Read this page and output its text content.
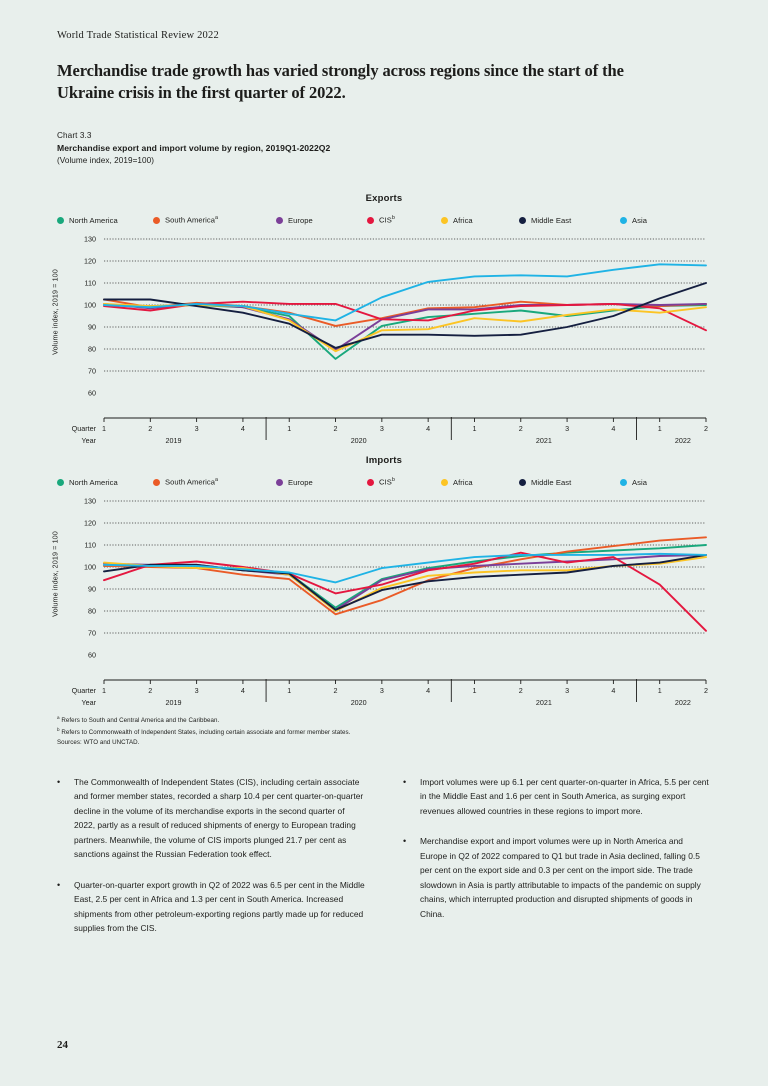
World Trade Statistical Review 2022
Merchandise trade growth has varied strongly across regions since the start of the Ukraine crisis in the first quarter of 2022.
Chart 3.3
Merchandise export and import volume by region, 2019Q1-2022Q2
(Volume index, 2019=100)
Exports
North America	South America$^a$	Europe	CIS$^b$	Africa	Middle East	Asia
Volume index, 2019 = 100
130
120
110
100
90
80
70
60
1	2	3	4	1	2	3	4	1	2	3	4	1	2
2019	2020	2021	2022
Quarter
Year
Imports
North America	South America$^a$	Europe	CIS$^b$	Africa	Middle East	Asia
Volume index, 2019 = 100
130
120
110
100
90
80
70
60
1	2	3	4	1	2	3	4	1	2	3	4	1	2
2019	2020	2021	2022
Quarter
Year
$^a$ Refers to South and Central America and the Caribbean.
$^b$ Refers to Commonwealth of Independent States, including certain associate and former member states.
Sources: WTO and UNCTAD.
•	The Commonwealth of Independent States (CIS), including certain associate and former member states, recorded a sharp 10.4 per cent quarter-on-quarter decline in the volume of its merchandise exports in the second quarter of 2022, partly as a result of reduced shipments of energy to European trading partners. Meanwhile, the volume of CIS imports plunged 21.7 per cent as sanctions against the Russian Federation took effect.
•	Quarter-on-quarter export growth in Q2 of 2022 was 6.5 per cent in the Middle East, 2.5 per cent in Africa and 1.3 per cent in South America. Increased shipments from other petroleum-exporting regions partly made up for reduced supplies from the CIS.
•	Import volumes were up 6.1 per cent quarter-on-quarter in Africa, 5.5 per cent in the Middle East and 1.6 per cent in South America, as surging export revenues allowed countries in these regions to import more.
•	Merchandise export and import volumes were up in North America and Europe in Q2 of 2022 compared to Q1 but trade in Asia declined, falling 0.5 per cent on the export side and 0.3 per cent on the import side. The trade slowdown in Asia is partly attributable to impacts of the pandemic on supply chains, which interrupted production and disrupted shipments of goods in China.
24
